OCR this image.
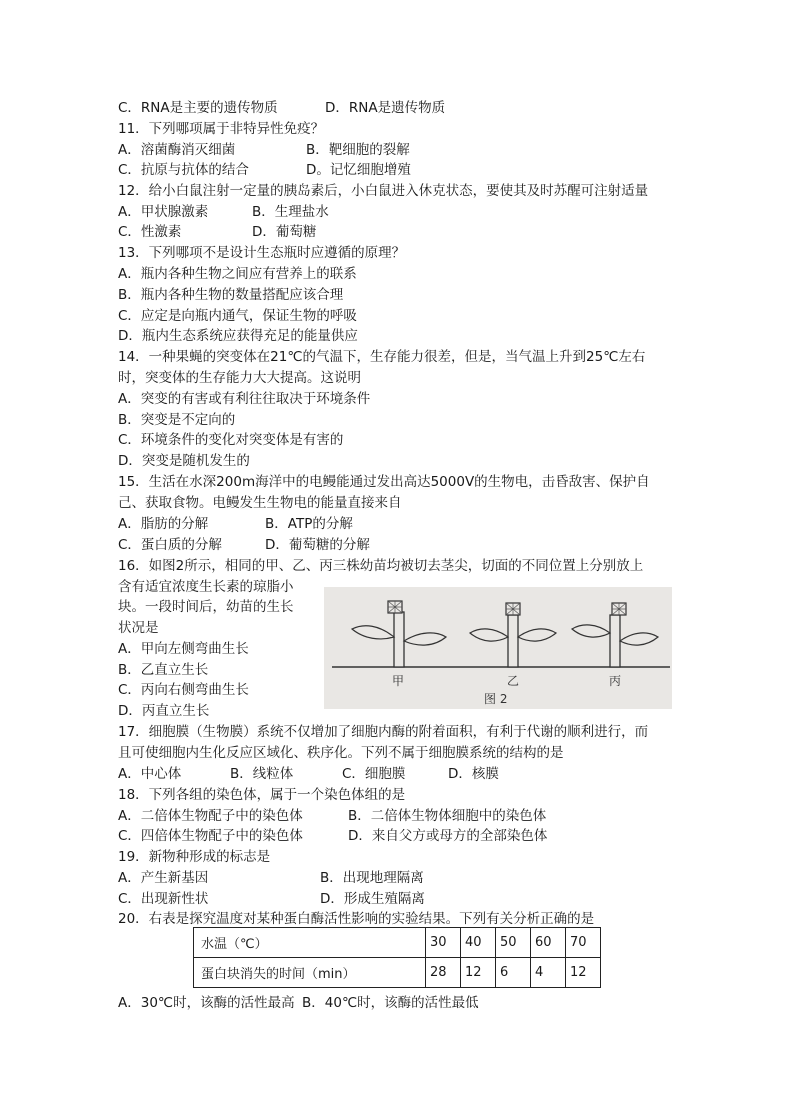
C．RNA是主要的遗传物质	D．RNA是遗传物质
11．下列哪项属于非特异性免疫？
A．溶菌酶消灭细菌	B．靶细胞的裂解
C．抗原与抗体的结合	D。记忆细胞增殖
12．给小白鼠注射一定量的胰岛素后，小白鼠进入休克状态，要使其及时苏醒可注射适量
A．甲状腺激素	B．生理盐水
C．性激素	D．葡萄糖
13．下列哪项不是设计生态瓶时应遵循的原理？
A．瓶内各种生物之间应有营养上的联系
B．瓶内各种生物的数量搭配应该合理
C．应定是向瓶内通气，保证生物的呼吸
D．瓶内生态系统应获得充足的能量供应
14．一种果蝇的突变体在21℃的气温下，生存能力很差，但是，当气温上升到25℃左右
时，突变体的生存能力大大提高。这说明
A．突变的有害或有利往往取决于环境条件
B．突变是不定向的
C．环境条件的变化对突变体是有害的
D．突变是随机发生的
15．生活在水深200m海洋中的电鳗能通过发出高达5000V的生物电，击昏敌害、保护自
己、获取食物。电鳗发生生物电的能量直接来自
A．脂肪的分解	B．ATP的分解
C．蛋白质的分解	D．葡萄糖的分解
16．如图2所示，相同的甲、乙、丙三株幼苗均被切去茎尖，切面的不同位置上分别放上
含有适宜浓度生长素的琼脂小
块。一段时间后，幼苗的生长
状况是
A．甲向左侧弯曲生长
B．乙直立生长
C．丙向右侧弯曲生长
D．丙直立生长
甲	乙	丙
图 2
17．细胞膜（生物膜）系统不仅增加了细胞内酶的附着面积，有利于代谢的顺利进行，而
且可使细胞内生化反应区域化、秩序化。下列不属于细胞膜系统的结构的是
A．中心体	B．线粒体	C．细胞膜	D．核膜
18．下列各组的染色体，属于一个染色体组的是
A．二倍体生物配子中的染色体	B．二倍体生物体细胞中的染色体
C．四倍体生物配子中的染色体	D．来自父方或母方的全部染色体
19．新物种形成的标志是
A．产生新基因	B．出现地理隔离
C．出现新性状	D．形成生殖隔离
20．右表是探究温度对某种蛋白酶活性影响的实验结果。下列有关分析正确的是
水温（℃）	30	40	50	60	70
蛋白块消失的时间（min）	28	12	6	4	12
A．30℃时，该酶的活性最高 B．40℃时，该酶的活性最低
